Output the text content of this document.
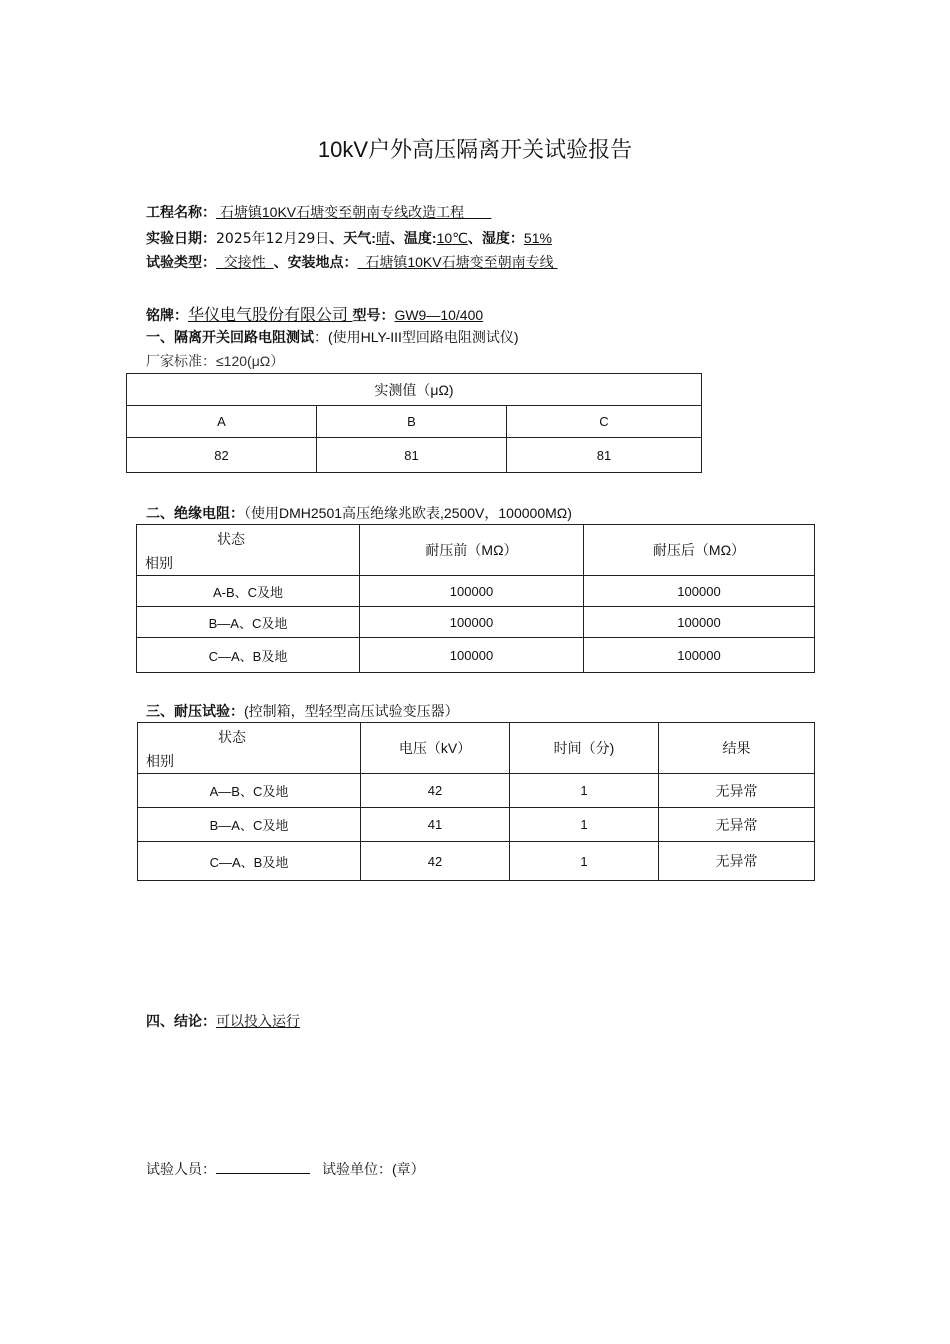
10kV户外高压隔离开关试验报告
工程名称： 石塘镇10KV石塘变至朝南专线改造工程
实验日期：2025年12月29日、天气:晴、温度:10℃、湿度：51%
试验类型：  交接性  、安装地点：  石塘镇10KV石塘变至朝南专线
铭牌：华仪电气股份有限公司 型号：GW9—10/400
一、隔离开关回路电阻测试：(使用HLY-III型回路电阻测试仪)
厂家标准：≤120(μΩ）
实测值（μΩ)		
A	B	C
82	81	81
二、绝缘电阻：（使用DMH2501高压绝缘兆欧表,2500V，100000MΩ)
状态
相别	耐压前（MΩ）	耐压后（MΩ）
A-B、C及地	100000	100000
B—A、C及地	100000	100000
C—A、B及地	100000	100000
三、耐压试验：(控制箱，型轻型高压试验变压器）
状态
相别	电压（kV）	时间（分)	结果
A—B、C及地	42	1	无异常
B—A、C及地	41	1	无异常
C—A、B及地	42	1	无异常
四、结论：可以投入运行
试验人员：	试验单位：(章）
